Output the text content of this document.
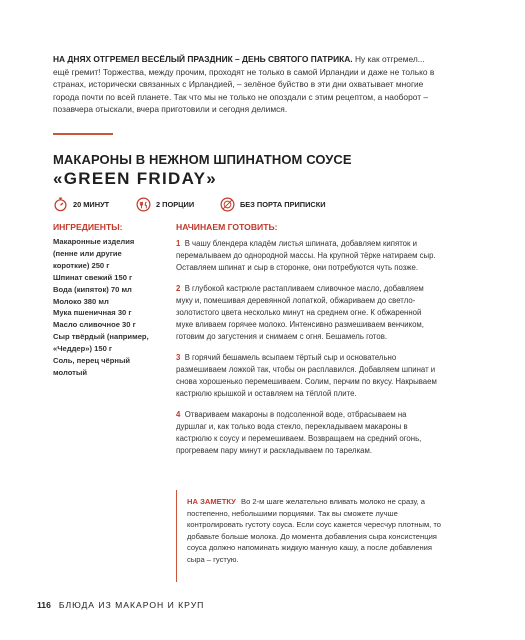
НА ДНЯХ ОТГРЕМЕЛ ВЕСЁЛЫЙ ПРАЗДНИК – ДЕНЬ СВЯТОГО ПАТРИКА. Ну как отгремел... ещё гремит! Торжества, между прочим, проходят не только в самой Ирландии и даже не только в странах, исторически связанных с Ирландией, – зелёное буйство в эти дни охватывает многие города почти по всей планете. Так что мы не только не опоздали с этим рецептом, а наоборот – позавчера отыскали, вчера приготовили и сегодня делимся.

МАКАРОНЫ В НЕЖНОМ ШПИНАТНОМ СОУСЕ
«GREEN FRIDAY»
20 МИНУТ	2 ПОРЦИИ	БЕЗ ПОРТА ПРИПИСКИ
ИНГРЕДИЕНТЫ:
Макаронные изделия
(пенне или другие
короткие) 250 г
Шпинат свежий 150 г
Вода (кипяток) 70 мл
Молоко 380 мл
Мука пшеничная 30 г
Масло сливочное 30 г
Сыр твёрдый (например,
«Чеддер») 150 г
Соль, перец чёрный
молотый
НАЧИНАЕМ ГОТОВИТЬ:

1 В чашу блендера кладём листья шпината, добавляем кипяток и перемалываем до однородной массы. На крупной тёрке натираем сыр. Оставляем шпинат и сыр в сторонке, они потребуются чуть позже.

2 В глубокой кастрюле растапливаем сливочное масло, добавляем муку и, помешивая деревянной лопаткой, обжариваем до светло-золотистого цвета несколько минут на среднем огне. К обжаренной муке вливаем горячее молоко. Интенсивно размешиваем венчиком, готовим до загустения и снимаем с огня. Бешамель готов.

3 В горячий бешамель всыпаем тёртый сыр и основательно размешиваем ложкой так, чтобы он расплавился. Добавляем шпинат и снова хорошенько перемешиваем. Солим, перчим по вкусу. Накрываем кастрюлю крышкой и оставляем на тёплой плите.

4 Отвариваем макароны в подсоленной воде, отбрасываем на дуршлаг и, как только вода стекло, перекладываем макароны в кастрюлю к соусу и перемешиваем. Возвращаем на средний огонь, прогреваем пару минут и раскладываем по тарелкам.

НА ЗАМЕТКУ Во 2-м шаге желательно вливать молоко не сразу, а постепенно, небольшими порциями. Так вы сможете лучше контролировать густоту соуса. Если соус кажется чересчур плотным, то добавьте больше молока. До момента добавления сыра консистенция соуса должно напоминать жидкую манную кашу, а после добавления сыра – густую.
116 БЛЮДА ИЗ МАКАРОН И КРУП
